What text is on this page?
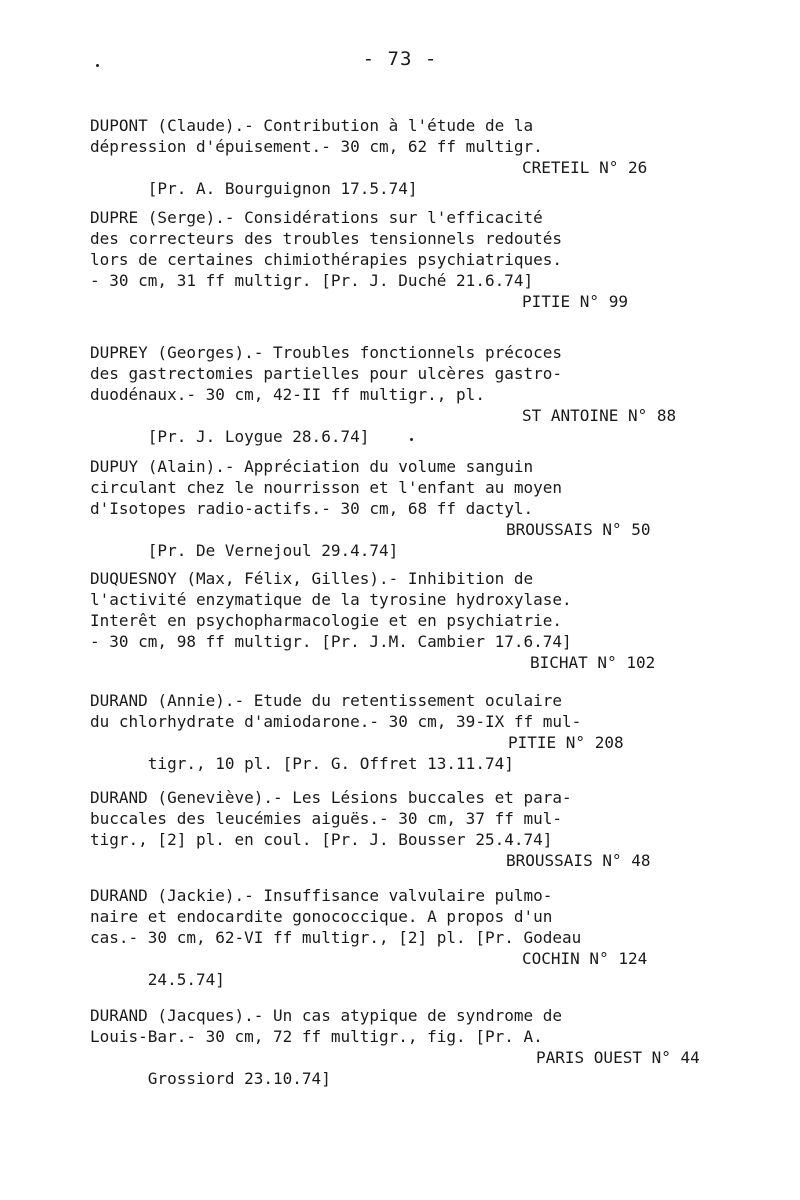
- 73 -
DUPONT (Claude).- Contribution à l'étude de la
dépression d'épuisement.- 30 cm, 62 ff multigr.

[Pr. A. Bourguignon 17.5.74]

CRETEIL N° 26

DUPRE (Serge).- Considérations sur l'efficacité
des correcteurs des troubles tensionnels redoutés
lors de certaines chimiothérapies psychiatriques.
- 30 cm, 31 ff multigr. [Pr. J. Duché 21.6.74]

PITIE N° 99

DUPREY (Georges).- Troubles fonctionnels précoces
des gastrectomies partielles pour ulcères gastro-
duodénaux.- 30 cm, 42-II ff multigr., pl.

[Pr. J. Loygue 28.6.74]

ST ANTOINE N° 88

DUPUY (Alain).- Appréciation du volume sanguin
circulant chez le nourrisson et l'enfant au moyen
d'Isotopes radio-actifs.- 30 cm, 68 ff dactyl.

[Pr. De Vernejoul 29.4.74]

BROUSSAIS N° 50

DUQUESNOY (Max, Félix, Gilles).- Inhibition de
l'activité enzymatique de la tyrosine hydroxylase.
Interêt en psychopharmacologie et en psychiatrie.
- 30 cm, 98 ff multigr. [Pr. J.M. Cambier 17.6.74]

BICHAT N° 102

DURAND (Annie).- Etude du retentissement oculaire
du chlorhydrate d'amiodarone.- 30 cm, 39-IX ff mul-

tigr., 10 pl. [Pr. G. Offret 13.11.74]

PITIE N° 208

DURAND (Geneviève).- Les Lésions buccales et para-
buccales des leucémies aiguës.- 30 cm, 37 ff mul-
tigr., [2] pl. en coul. [Pr. J. Bousser 25.4.74]

BROUSSAIS N° 48

DURAND (Jackie).- Insuffisance valvulaire pulmo-
naire et endocardite gonococcique. A propos d'un
cas.- 30 cm, 62-VI ff multigr., [2] pl. [Pr. Godeau

24.5.74]

COCHIN N° 124

DURAND (Jacques).- Un cas atypique de syndrome de
Louis-Bar.- 30 cm, 72 ff multigr., fig. [Pr. A.

Grossiord 23.10.74]

PARIS OUEST N° 44
